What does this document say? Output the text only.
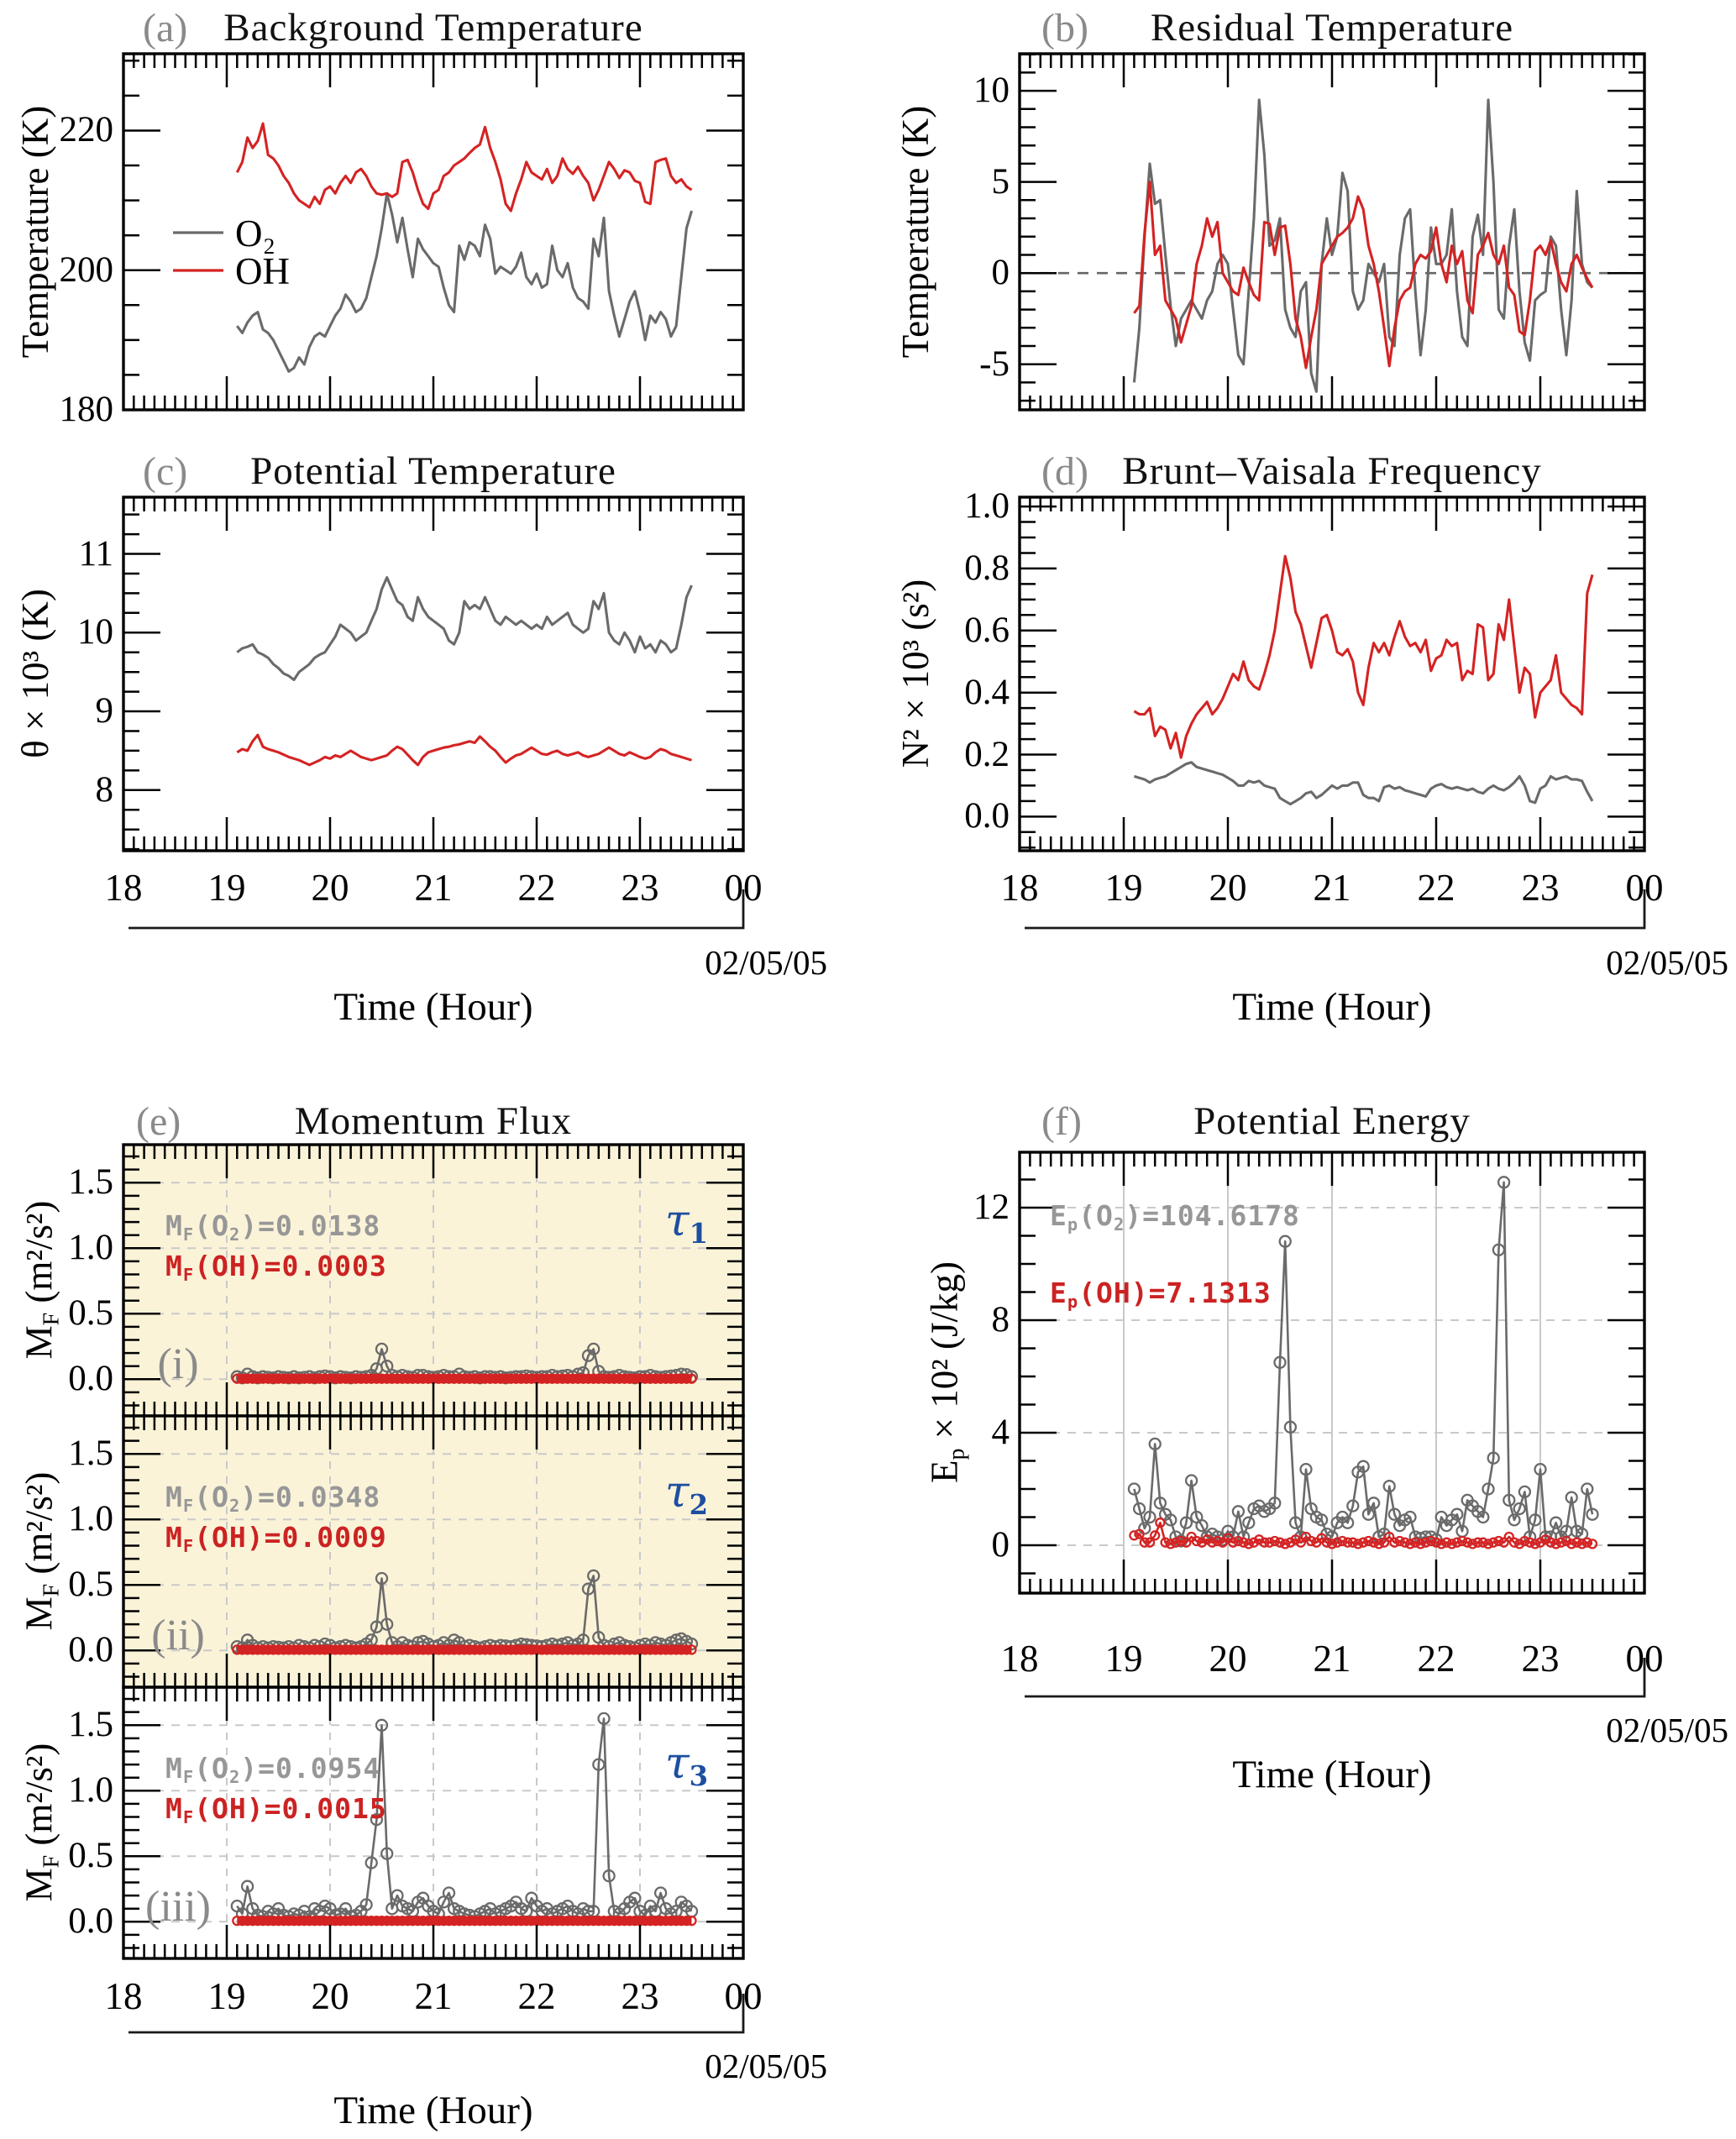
180
200
220
-5
0
5
10
8
9
10
11
0.0
0.2
0.4
0.6
0.8
1.0
0.0
0.5
1.0
1.5
0.0
0.5
1.0
1.5
0.0
0.5
1.0
1.5
0
4
8
12
18	19	20	21	22	23	00	18	19	20	21	22	23	00
18	19	20	21	22	23	00
18	19	20	21	22	23	00
(a)	(b)
(c)	(d)
(e)	(f)
Background Temperature	Residual Temperature
Potential Temperature	Brunt–Vaisala Frequency
Momentum Flux	Potential Energy
Temperature (K)	Temperature (K)
θ × 10³ (K)	N² × 10³ (s²)
$M_F$ (m²/s²)
$M_F$ (m²/s²)
$M_F$ (m²/s²)
$E_p \times 10^2$ (J/kg)
O₂
OH
$M_F(O_2)=0.0138$
$M_F(OH)=0.0003$
$M_F(O_2)=0.0348$
$M_F(OH)=0.0009$
$M_F(O_2)=0.0954$
$M_F(OH)=0.0015$
$E_p(O_2)=104.6178$
$E_p(OH)=7.1313$
$\tau_1$
$\tau_2$
$\tau_3$
(i)
(ii)
(iii)
02/05/05	02/05/05
02/05/05
02/05/05
Time (Hour)	Time (Hour)
Time (Hour)
Time (Hour)
